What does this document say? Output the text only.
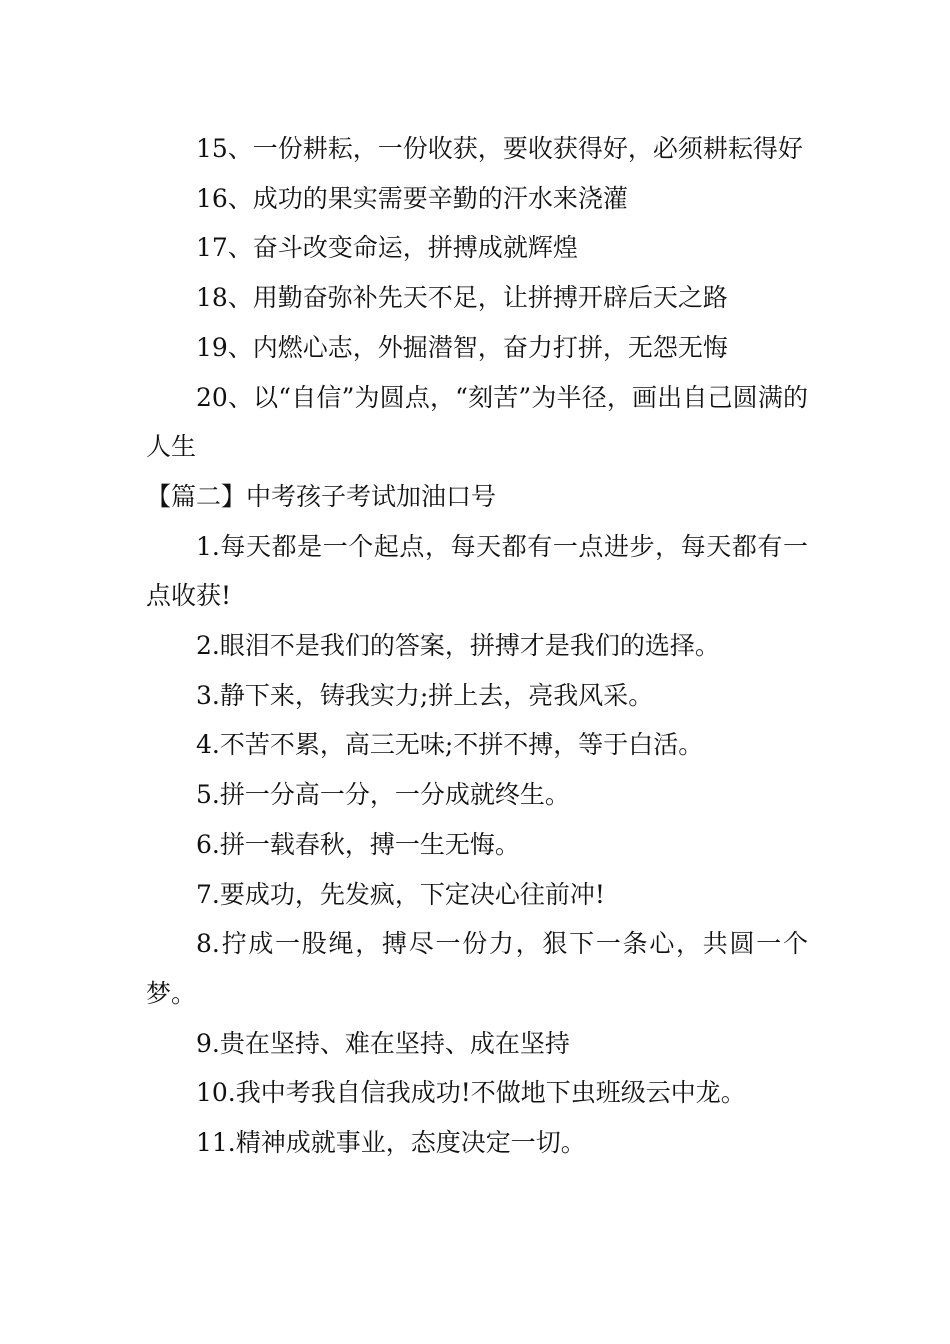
15、一份耕耘，一份收获，要收获得好，必须耕耘得好

16、成功的果实需要辛勤的汗水来浇灌

17、奋斗改变命运，拼搏成就辉煌

18、用勤奋弥补先天不足，让拼搏开辟后天之路

19、内燃心志，外掘潜智，奋力打拼，无怨无悔

20、以“自信”为圆点，“刻苦”为半径，画出自己圆满的人生

【篇二】中考孩子考试加油口号

1.每天都是一个起点，每天都有一点进步，每天都有一点收获!

2.眼泪不是我们的答案，拼搏才是我们的选择。

3.静下来，铸我实力;拼上去，亮我风采。

4.不苦不累，高三无味;不拼不搏，等于白活。

5.拼一分高一分，一分成就终生。

6.拼一载春秋，搏一生无悔。

7.要成功，先发疯，下定决心往前冲!

8.拧成一股绳，搏尽一份力，狠下一条心，共圆一个梦。

9.贵在坚持、难在坚持、成在坚持

10.我中考我自信我成功!不做地下虫班级云中龙。

11.精神成就事业，态度决定一切。
